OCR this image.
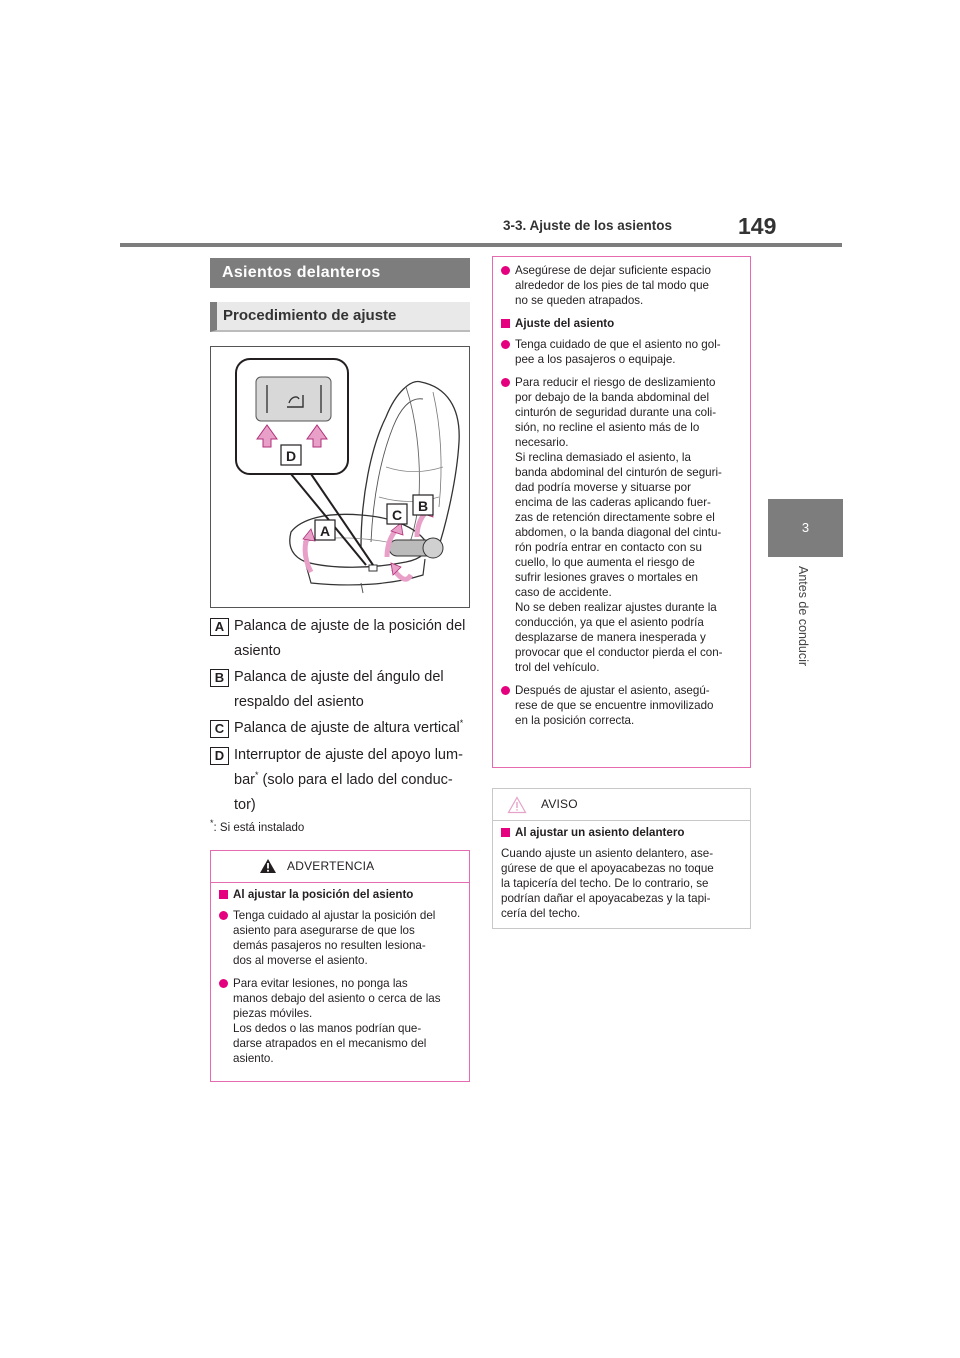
3-3. Ajuste de los asientos	149
3
Antes de conducir
Asientos delanteros
Procedimiento de ajuste
D
A
C
B
A Palanca de ajuste de la posición del
asiento
B Palanca de ajuste del ángulo del
respaldo del asiento
C Palanca de ajuste de altura vertical*
D Interruptor de ajuste del apoyo lum-
bar* (solo para el lado del conduc-
tor)
*: Si está instalado
ADVERTENCIA
Al ajustar la posición del asiento
Tenga cuidado al ajustar la posición del
asiento para asegurarse de que los
demás pasajeros no resulten lesiona-
dos al moverse el asiento.
Para evitar lesiones, no ponga las
manos debajo del asiento o cerca de las
piezas móviles.
Los dedos o las manos podrían que-
darse atrapados en el mecanismo del
asiento.
Asegúrese de dejar suficiente espacio
alrededor de los pies de tal modo que
no se queden atrapados.
Ajuste del asiento
Tenga cuidado de que el asiento no gol-
pee a los pasajeros o equipaje.
Para reducir el riesgo de deslizamiento
por debajo de la banda abdominal del
cinturón de seguridad durante una coli-
sión, no recline el asiento más de lo
necesario.
Si reclina demasiado el asiento, la
banda abdominal del cinturón de seguri-
dad podría moverse y situarse por
encima de las caderas aplicando fuer-
zas de retención directamente sobre el
abdomen, o la banda diagonal del cintu-
rón podría entrar en contacto con su
cuello, lo que aumenta el riesgo de
sufrir lesiones graves o mortales en
caso de accidente.
No se deben realizar ajustes durante la
conducción, ya que el asiento podría
desplazarse de manera inesperada y
provocar que el conductor pierda el con-
trol del vehículo.
Después de ajustar el asiento, asegú-
rese de que se encuentre inmovilizado
en la posición correcta.
AVISO
Al ajustar un asiento delantero
Cuando ajuste un asiento delantero, ase-
gúrese de que el apoyacabezas no toque
la tapicería del techo. De lo contrario, se
podrían dañar el apoyacabezas y la tapi-
cería del techo.
